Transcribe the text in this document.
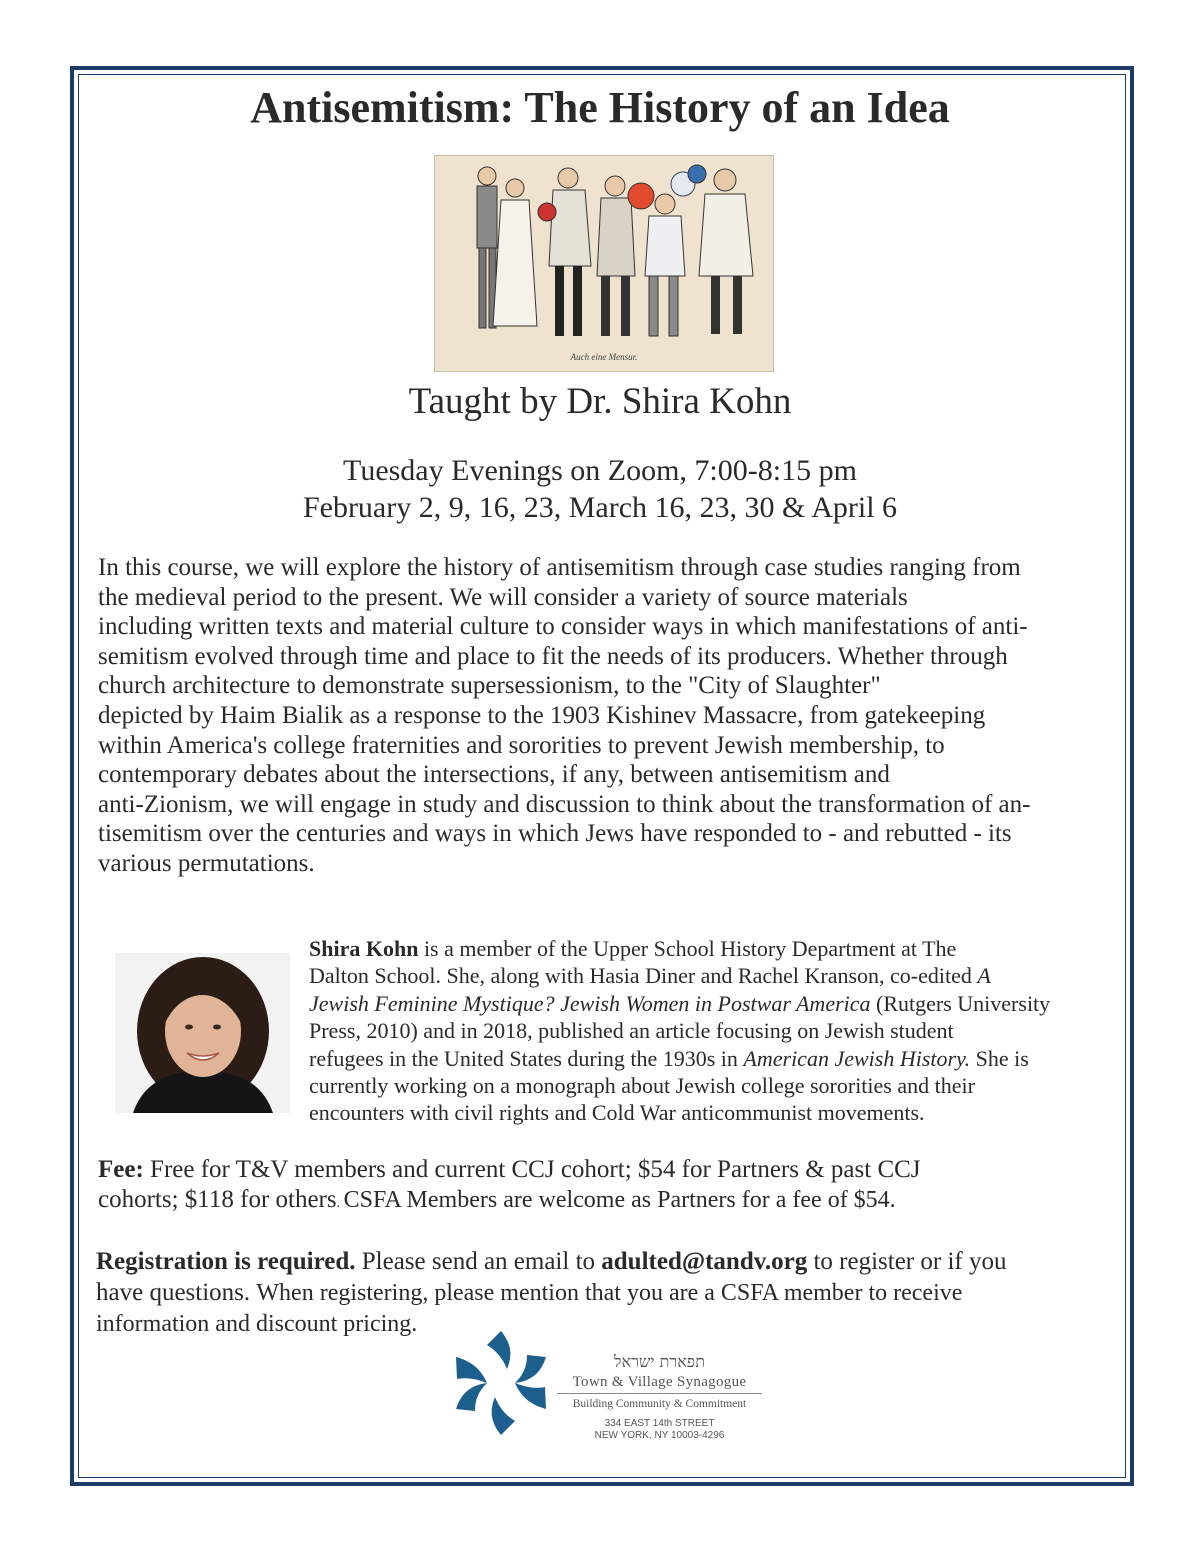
Antisemitism: The History of an Idea
Auch eine Mensur.
Taught by Dr. Shira Kohn
Tuesday Evenings on Zoom, 7:00-8:15 pm
February 2, 9, 16, 23, March 16, 23, 30 & April 6
In this course, we will explore the history of antisemitism through case studies ranging from
the medieval period to the present. We will consider a variety of source materials
including written texts and material culture to consider ways in which manifestations of anti-
semitism evolved through time and place to fit the needs of its producers. Whether through
church architecture to demonstrate supersessionism, to the "City of Slaughter"
depicted by Haim Bialik as a response to the 1903 Kishinev Massacre, from gatekeeping
within America's college fraternities and sororities to prevent Jewish membership, to
contemporary debates about the intersections, if any, between antisemitism and
anti-Zionism, we will engage in study and discussion to think about the transformation of an-
tisemitism over the centuries and ways in which Jews have responded to - and rebutted - its
various permutations.
Shira Kohn is a member of the Upper School History Department at The
Dalton School. She, along with Hasia Diner and Rachel Kranson, co-edited A
Jewish Feminine Mystique? Jewish Women in Postwar America (Rutgers University
Press, 2010) and in 2018, published an article focusing on Jewish student
refugees in the United States during the 1930s in American Jewish History. She is
currently working on a monograph about Jewish college sororities and their
encounters with civil rights and Cold War anticommunist movements.
Fee: Free for T&V members and current CCJ cohort; $54 for Partners & past CCJ
cohorts; $118 for others. CSFA Members are welcome as Partners for a fee of $54.
Registration is required. Please send an email to adulted@tandv.org to register or if you
have questions. When registering, please mention that you are a CSFA member to receive
information and discount pricing.
תפארת ישראל
Town & Village Synagogue
Building Community & Commitment
334 EAST 14th STREET
NEW YORK, NY 10003-4296
